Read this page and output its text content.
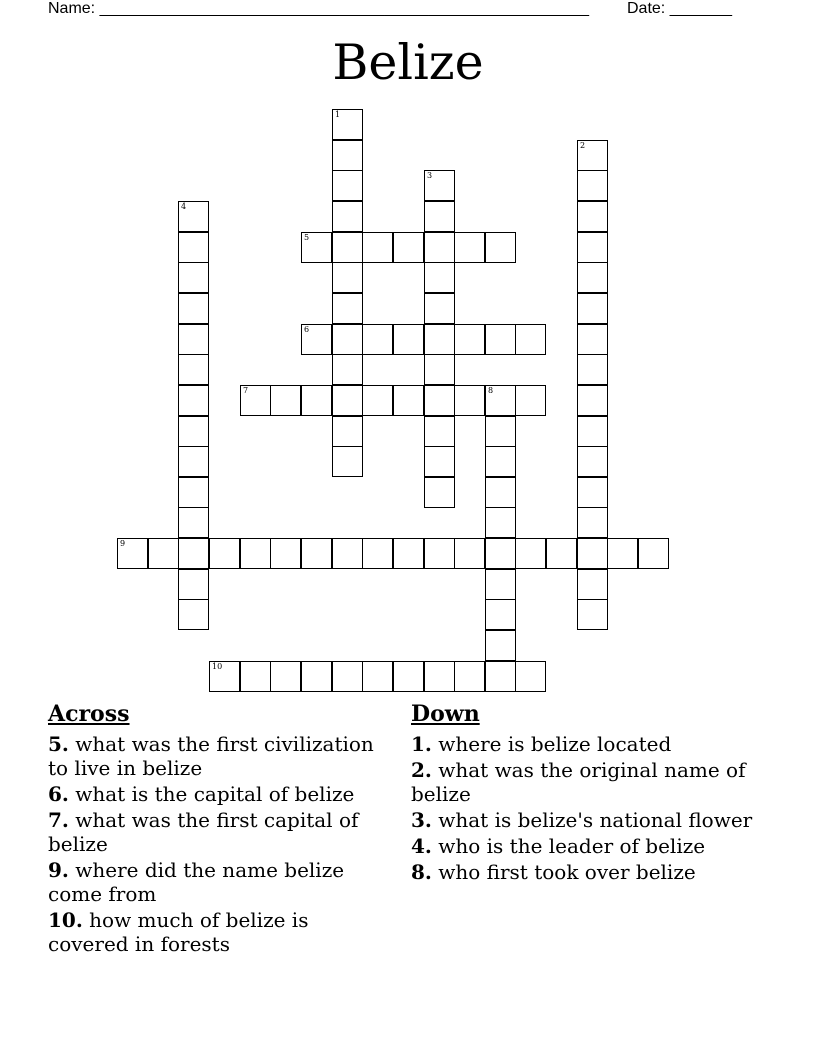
Name: _______________________________________________________ Date: _______
Belize
1
2
3
4
5
6
7	8
9
10
Across
5. what was the first civilization to live in belize
6. what is the capital of belize
7. what was the first capital of belize
9. where did the name belize come from
10. how much of belize is covered in forests
Down
1. where is belize located
2. what was the original name of belize
3. what is belize's national flower
4. who is the leader of belize
8. who first took over belize
